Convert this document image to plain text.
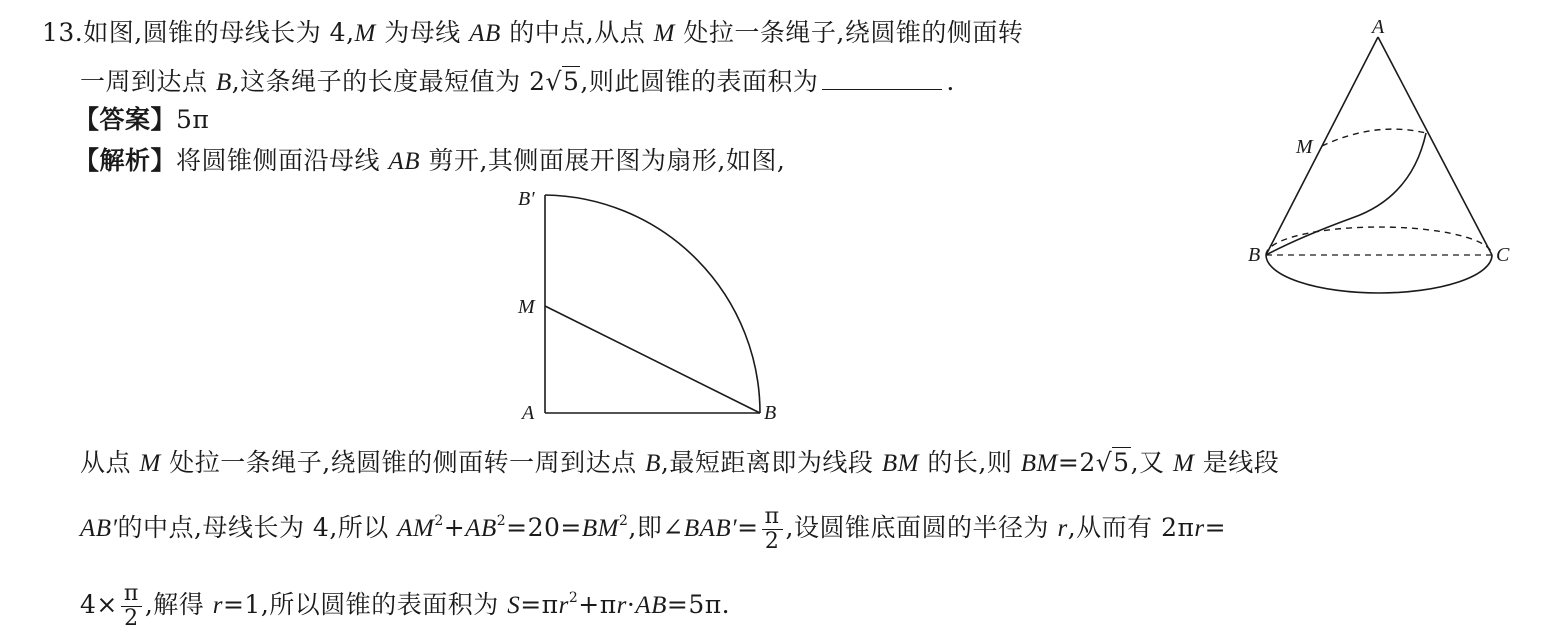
13.如图,圆锥的母线长为 4,M 为母线 AB 的中点,从点 M 处拉一条绳子,绕圆锥的侧面转
一周到达点 B,这条绳子的长度最短值为 2√5,则此圆锥的表面积为	.
【答案】5π
【解析】将圆锥侧面沿母线 AB 剪开,其侧面展开图为扇形,如图,
B′
M
A	B
A
M
B	C
从点 M 处拉一条绳子,绕圆锥的侧面转一周到达点 B,最短距离即为线段 BM 的长,则 BM=2√5,又 M 是线段
AB′的中点,母线长为 4,所以 $AM^2+AB^2=20=BM^2$,即∠BAB′= $\frac{\pi}{2}$ ,设圆锥底面圆的半径为 r,从而有 2πr=
$4\times \frac{\pi}{2}$ ,解得 r=1,所以圆锥的表面积为 $S=\pi r^2+\pi r\cdot AB=5\pi$.
